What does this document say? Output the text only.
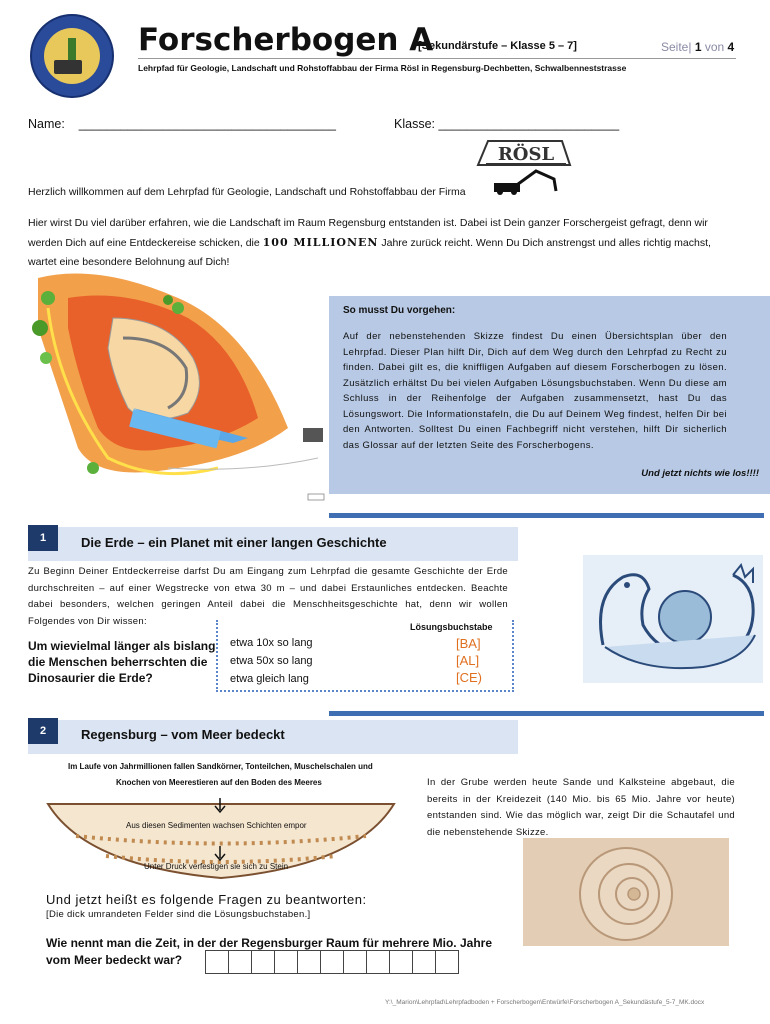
Forscherbogen A
[Sekundärstufe – Klasse 5 – 7]	Seite| 1 von 4
Lehrpfad für Geologie, Landschaft und Rohstoffabbau der Firma Rösl in Regensburg-Dechbetten, Schwalbenneststrasse
Name: _____________________________________	Klasse: __________________________
RÖSL
Herzlich willkommen auf dem Lehrpfad für Geologie, Landschaft und Rohstoffabbau der Firma
Hier wirst Du viel darüber erfahren, wie die Landschaft im Raum Regensburg entstanden ist. Dabei ist Dein ganzer Forschergeist gefragt, denn wir werden Dich auf eine Entdeckereise schicken, die 100 MILLIONEN Jahre zurück reicht. Wenn Du Dich anstrengst und alles richtig machst, wartet eine besondere Belohnung auf Dich!
So musst Du vorgehen:
Auf der nebenstehenden Skizze findest Du einen Übersichtsplan über den Lehrpfad. Dieser Plan hilft Dir, Dich auf dem Weg durch den Lehrpfad zu Recht zu finden. Dabei gilt es, die kniffligen Aufgaben auf diesem Forscherbogen zu lösen. Zusätzlich erhältst Du bei vielen Aufgaben Lösungsbuchstaben. Wenn Du diese am Schluss in der Reihenfolge der Aufgaben zusammensetzt, hast Du das Lösungswort. Die Informationstafeln, die Du auf Deinem Weg findest, helfen Dir bei den Antworten. Solltest Du einen Fachbegriff nicht verstehen, hilft Dir sicherlich das Glossar auf der letzten Seite des Forscherbogens.
Und jetzt nichts wie los!!!!
1	Die Erde – ein Planet mit einer langen Geschichte
Zu Beginn Deiner Entdeckerreise darfst Du am Eingang zum Lehrpfad die gesamte Geschichte der Erde durchschreiten – auf einer Wegstrecke von etwa 30 m – und dabei Erstaunliches entdecken. Beachte dabei besonders, welchen geringen Anteil dabei die Menschheitsgeschichte hat, denn wir wollen Folgendes von Dir wissen:
Lösungsbuchstabe
Um wievielmal länger als bislang die Menschen beherrschten die Dinosaurier die Erde?
etwa 10x so lang	[BA]
etwa 50x so lang	[AL]
etwa gleich lang	[CE)
2	Regensburg – vom Meer bedeckt
Im Laufe von Jahrmillionen fallen Sandkörner, Tonteilchen, Muschelschalen und
Knochen von Meerestieren auf den Boden des Meeres
Aus diesen Sedimenten wachsen Schichten empor
Unter Druck verfestigen sie sich zu Stein
In der Grube werden heute Sande und Kalksteine abgebaut, die bereits in der Kreidezeit (140 Mio. bis 65 Mio. Jahre vor heute) entstanden sind. Wie das möglich war, zeigt Dir die Schautafel und die nebenstehende Skizze.
Und jetzt heißt es folgende Fragen zu beantworten:
[Die dick umrandeten Felder sind die Lösungsbuchstaben.]
Wie nennt man die Zeit, in der der Regensburger Raum für mehrere Mio. Jahre vom Meer bedeckt war?
Y:\_Marion\Lehrpfad\Lehrpfadboden + Forscherbogen\Entwürfe\Forscherbogen A_Sekundästufe_5-7_MK.docx
